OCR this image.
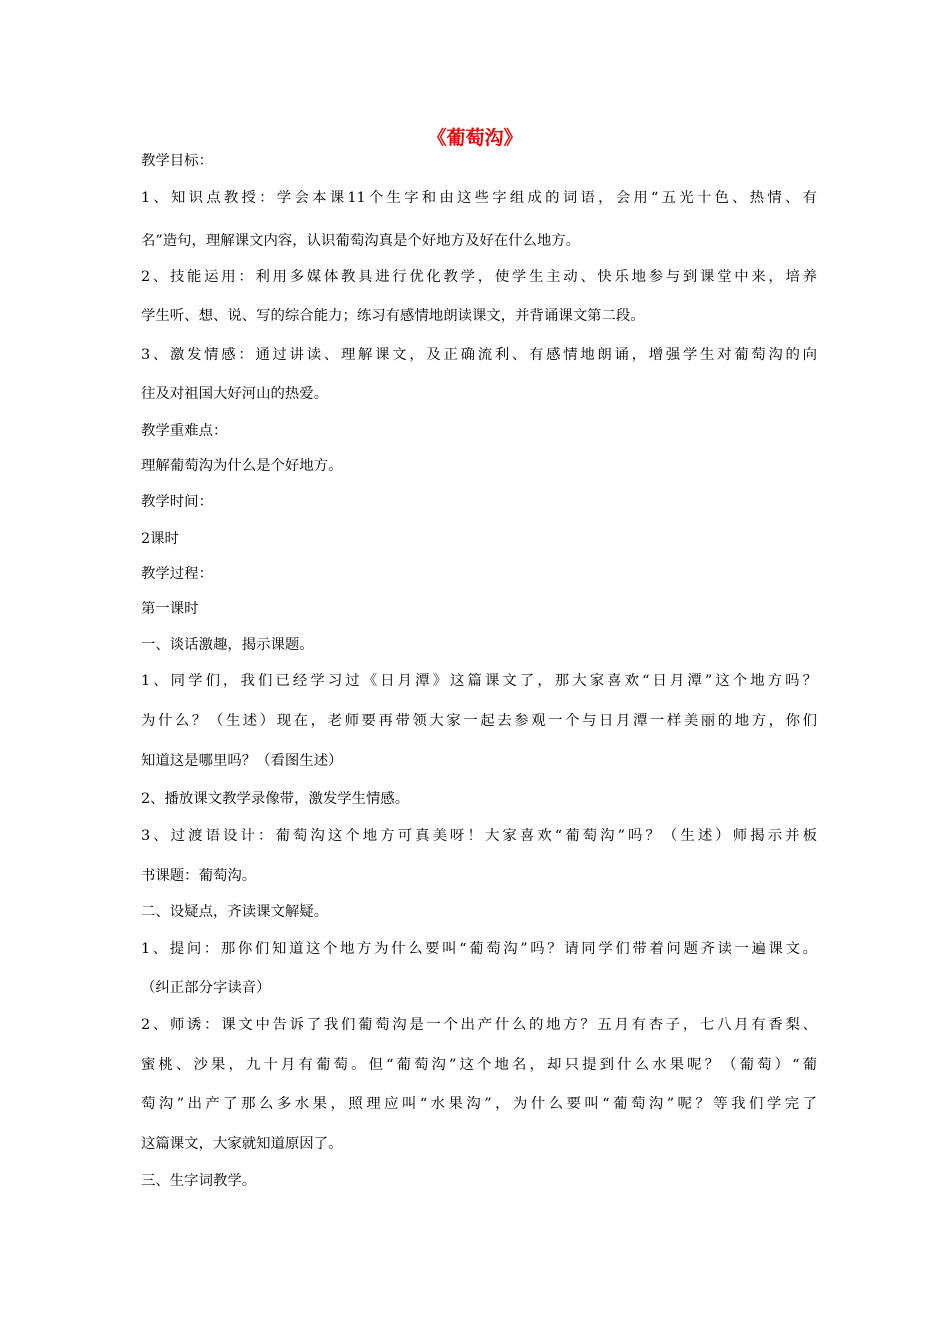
《葡萄沟》
教学目标：
1、知识点教授：学会本课11个生字和由这些字组成的词语，会用“五光十色、热情、有
名”造句，理解课文内容，认识葡萄沟真是个好地方及好在什么地方。
2、技能运用：利用多媒体教具进行优化教学，使学生主动、快乐地参与到课堂中来，培养
学生听、想、说、写的综合能力；练习有感情地朗读课文，并背诵课文第二段。
3、激发情感：通过讲读、理解课文，及正确流利、有感情地朗诵，增强学生对葡萄沟的向
往及对祖国大好河山的热爱。
教学重难点：
理解葡萄沟为什么是个好地方。
教学时间：
2课时
教学过程：
第一课时
一、谈话激趣，揭示课题。
1、同学们，我们已经学习过《日月潭》这篇课文了，那大家喜欢“日月潭”这个地方吗？
为什么？（生述）现在，老师要再带领大家一起去参观一个与日月潭一样美丽的地方，你们
知道这是哪里吗？（看图生述）
2、播放课文教学录像带，激发学生情感。
3、过渡语设计：葡萄沟这个地方可真美呀！大家喜欢“葡萄沟”吗？（生述）师揭示并板
书课题：葡萄沟。
二、设疑点，齐读课文解疑。
1、提问：那你们知道这个地方为什么要叫“葡萄沟”吗？请同学们带着问题齐读一遍课文。
（纠正部分字读音）
2、师诱：课文中告诉了我们葡萄沟是一个出产什么的地方？五月有杏子，七八月有香梨、
蜜桃、沙果，九十月有葡萄。但“葡萄沟”这个地名，却只提到什么水果呢？（葡萄）“葡
萄沟”出产了那么多水果，照理应叫“水果沟”，为什么要叫“葡萄沟”呢？等我们学完了
这篇课文，大家就知道原因了。
三、生字词教学。
